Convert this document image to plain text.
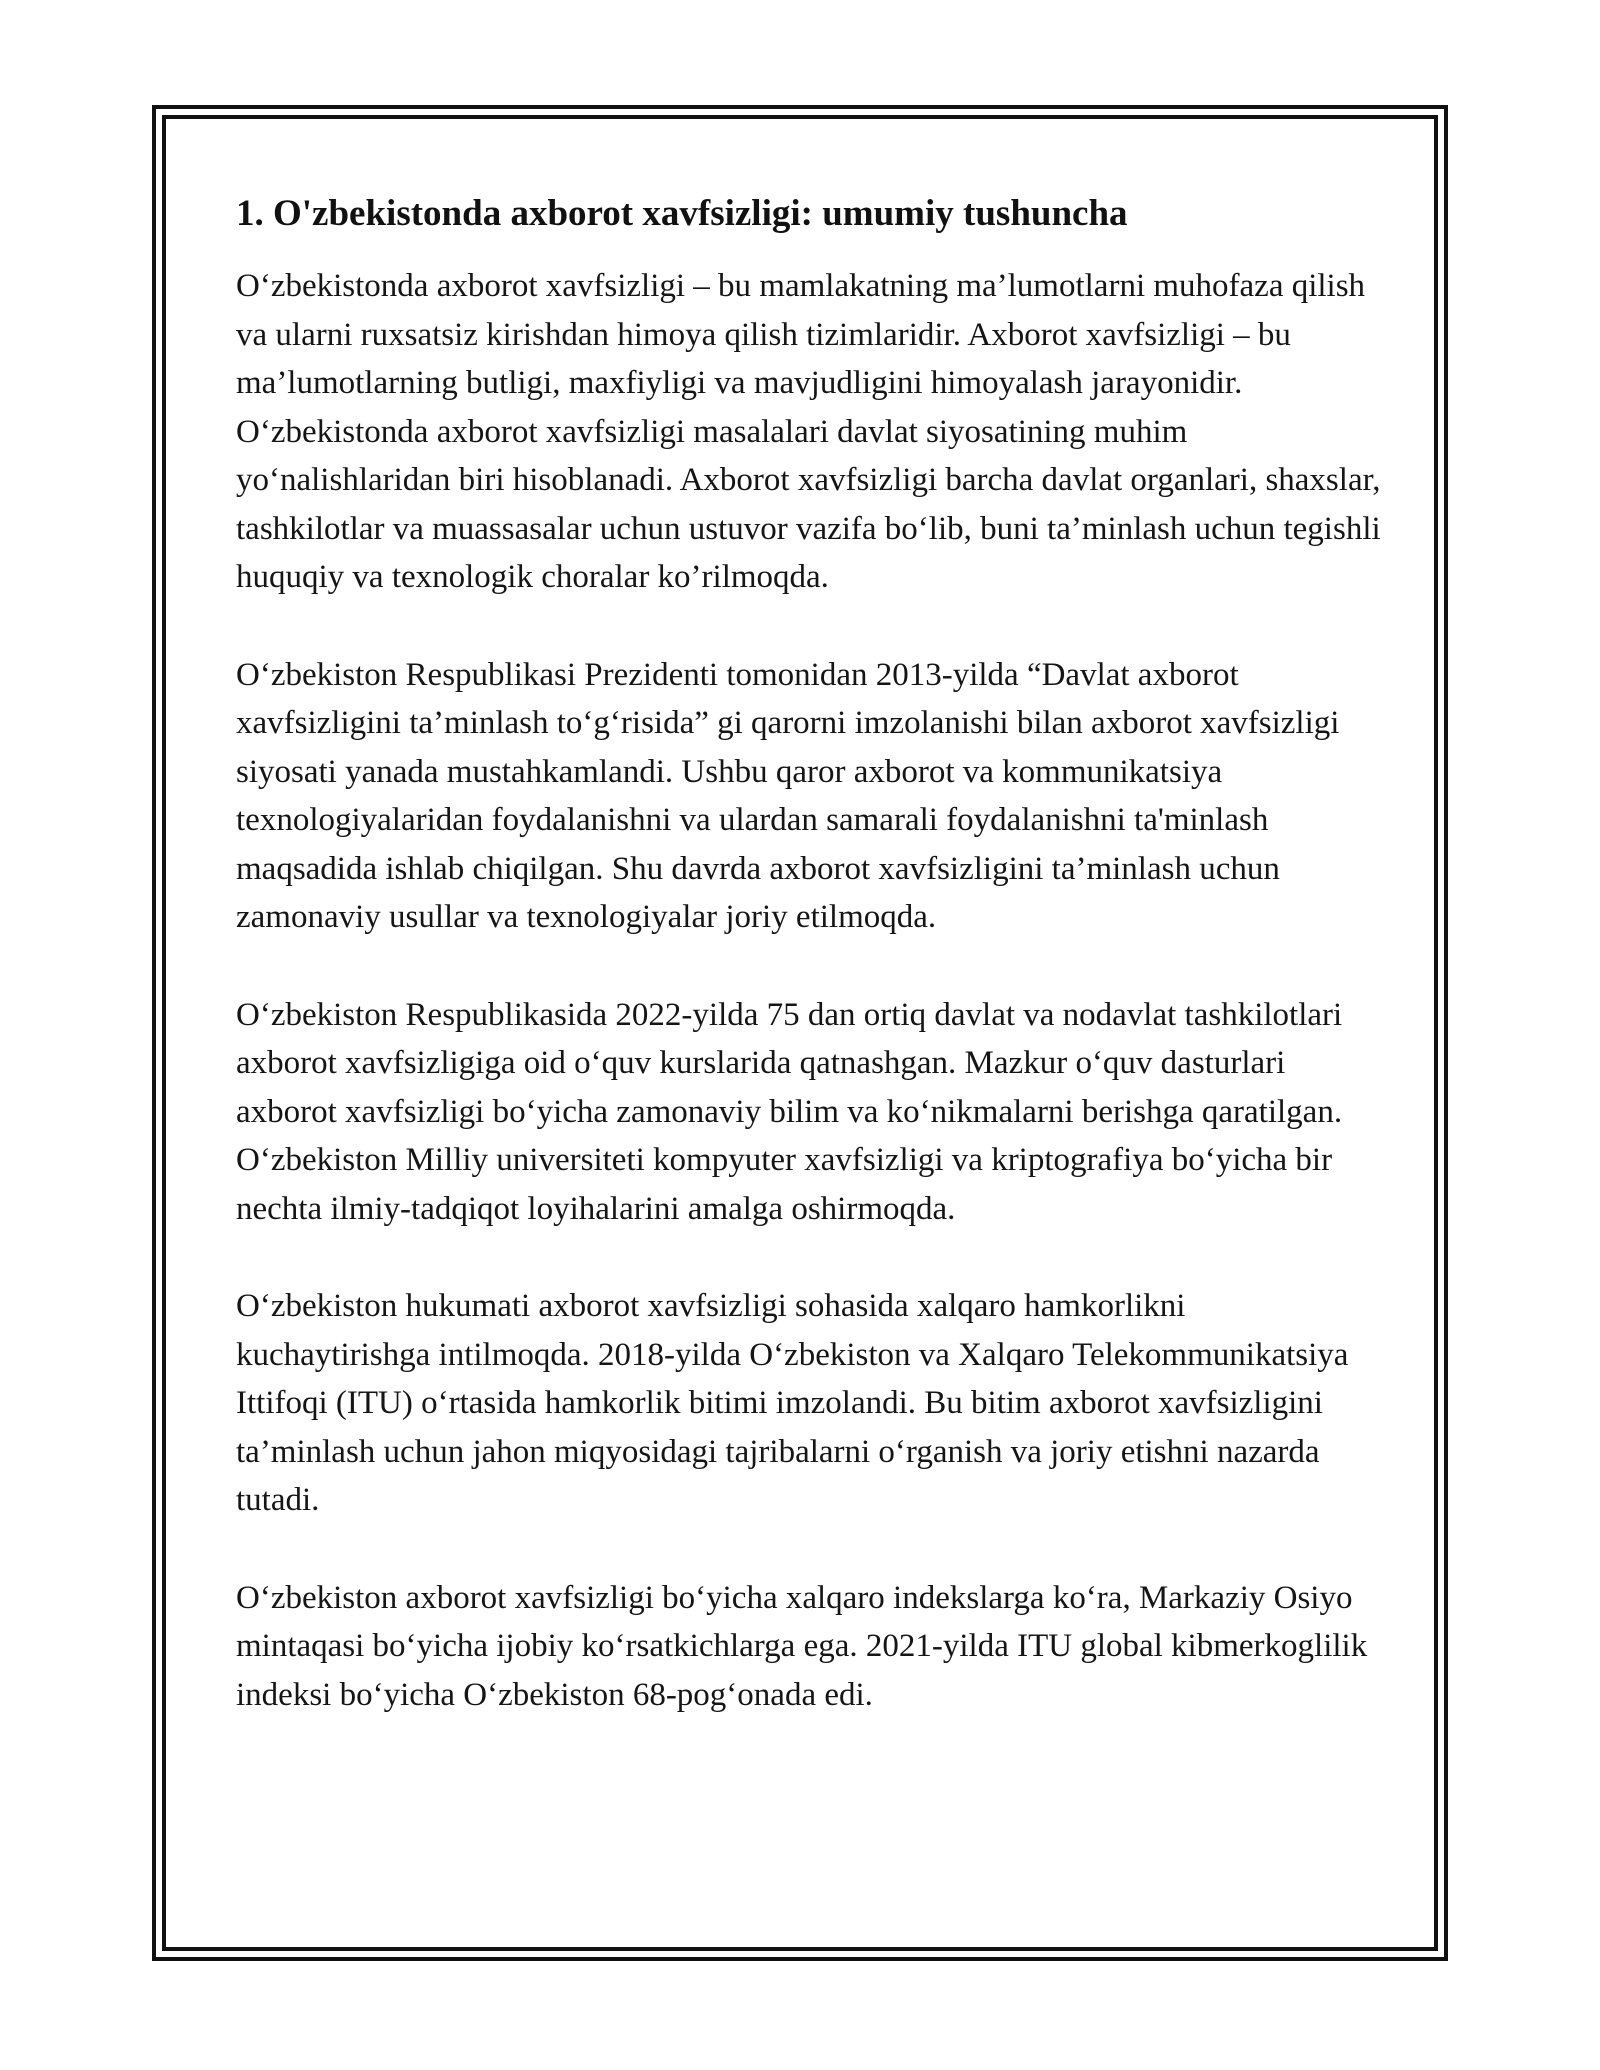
1. O'zbekistonda axborot xavfsizligi: umumiy tushuncha

O‘zbekistonda axborot xavfsizligi – bu mamlakatning ma’lumotlarni muhofaza qilish va ularni ruxsatsiz kirishdan himoya qilish tizimlaridir. Axborot xavfsizligi – bu ma’lumotlarning butligi, maxfiyligi va mavjudligini himoyalash jarayonidir. O‘zbekistonda axborot xavfsizligi masalalari davlat siyosatining muhim yo‘nalishlaridan biri hisoblanadi. Axborot xavfsizligi barcha davlat organlari, shaxslar, tashkilotlar va muassasalar uchun ustuvor vazifa bo‘lib, buni ta’minlash uchun tegishli huquqiy va texnologik choralar ko’rilmoqda.

O‘zbekiston Respublikasi Prezidenti tomonidan 2013-yilda “Davlat axborot xavfsizligini ta’minlash to‘g‘risida” gi qarorni imzolanishi bilan axborot xavfsizligi siyosati yanada mustahkamlandi. Ushbu qaror axborot va kommunikatsiya texnologiyalaridan foydalanishni va ulardan samarali foydalanishni ta'minlash maqsadida ishlab chiqilgan. Shu davrda axborot xavfsizligini ta’minlash uchun zamonaviy usullar va texnologiyalar joriy etilmoqda.

O‘zbekiston Respublikasida 2022-yilda 75 dan ortiq davlat va nodavlat tashkilotlari axborot xavfsizligiga oid o‘quv kurslarida qatnashgan. Mazkur o‘quv dasturlari axborot xavfsizligi bo‘yicha zamonaviy bilim va ko‘nikmalarni berishga qaratilgan. O‘zbekiston Milliy universiteti kompyuter xavfsizligi va kriptografiya bo‘yicha bir nechta ilmiy-tadqiqot loyihalarini amalga oshirmoqda.

O‘zbekiston hukumati axborot xavfsizligi sohasida xalqaro hamkorlikni kuchaytirishga intilmoqda. 2018-yilda O‘zbekiston va Xalqaro Telekommunikatsiya Ittifoqi (ITU) o‘rtasida hamkorlik bitimi imzolandi. Bu bitim axborot xavfsizligini ta’minlash uchun jahon miqyosidagi tajribalarni o‘rganish va joriy etishni nazarda tutadi.

O‘zbekiston axborot xavfsizligi bo‘yicha xalqaro indekslarga ko‘ra, Markaziy Osiyo mintaqasi bo‘yicha ijobiy ko‘rsatkichlarga ega. 2021-yilda ITU global kibmerkoglilik indeksi bo‘yicha O‘zbekiston 68-pog‘onada edi.
